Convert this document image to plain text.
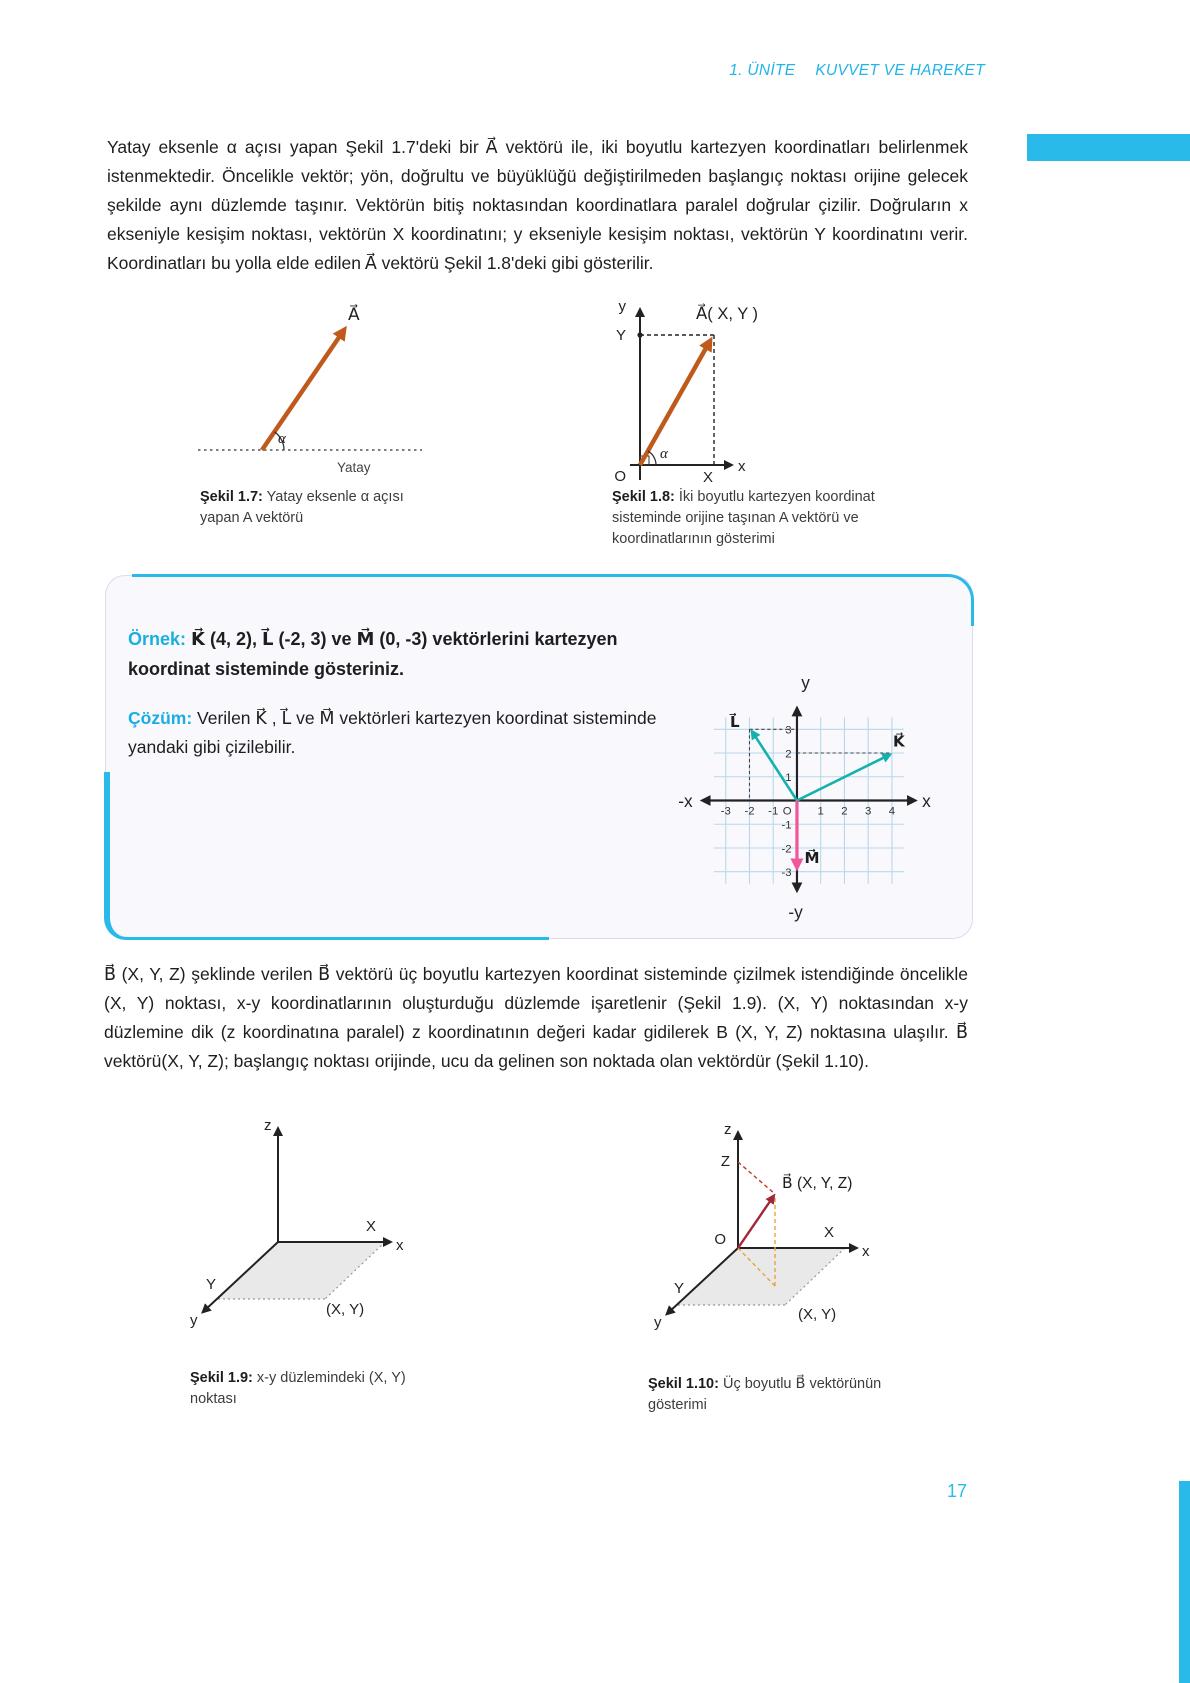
1. ÜNİTE KUVVET VE HAREKET

Yatay eksenle α açısı yapan Şekil 1.7'deki bir A⃗ vektörü ile, iki boyutlu kartezyen koordinatları belirlenmek istenmektedir. Öncelikle vektör; yön, doğrultu ve büyüklüğü değiştirilmeden başlangıç noktası orijine gelecek şekilde aynı düzlemde taşınır. Vektörün bitiş noktasından koordinatlara paralel doğrular çizilir. Doğruların x ekseniyle kesişim noktası, vektörün X koordinatını; y ekseniyle kesişim noktası, vektörün Y koordinatını verir. Koordinatları bu yolla elde edilen A⃗ vektörü Şekil 1.8'deki gibi gösterilir.

α
A⃗
Yatay
Şekil 1.7: Yatay eksenle α açısı yapan A vektörü
α
y
Y
O	X
x
A⃗( X, Y )
Şekil 1.8: İki boyutlu kartezyen koordinat sisteminde orijine taşınan A vektörü ve koordinatlarının gösterimi

Örnek: K⃗ (4, 2), L⃗ (-2, 3) ve M⃗ (0, -3) vektörlerini kartezyen koordinat sisteminde gösteriniz.

Çözüm: Verilen K⃗ , L⃗ ve M⃗ vektörleri kartezyen koordinat sisteminde yandaki gibi çizilebilir.

y
-y
x
-x
-3 -2 -1 O 1 2 3 4
3
2
1
-1
-2
-3
K⃗
L⃗
M⃗

B⃗ (X, Y, Z) şeklinde verilen B⃗ vektörü üç boyutlu kartezyen koordinat sisteminde çizilmek istendiğinde öncelikle (X, Y) noktası, x-y koordinatlarının oluşturduğu düzlemde işaretlenir (Şekil 1.9). (X, Y) noktasından x-y düzlemine dik (z koordinatına paralel) z koordinatının değeri kadar gidilerek B (X, Y, Z) noktasına ulaşılır. B⃗ vektörü(X, Y, Z); başlangıç noktası orijinde, ucu da gelinen son noktada olan vektördür (Şekil 1.10).

z
X
x
Y
y
(X, Y)
Şekil 1.9: x-y düzlemindeki (X, Y) noktası
z
Z
B⃗ (X, Y, Z)
X
x
O
Y
y	(X, Y)
Şekil 1.10: Üç boyutlu B⃗ vektörünün gösterimi
17
